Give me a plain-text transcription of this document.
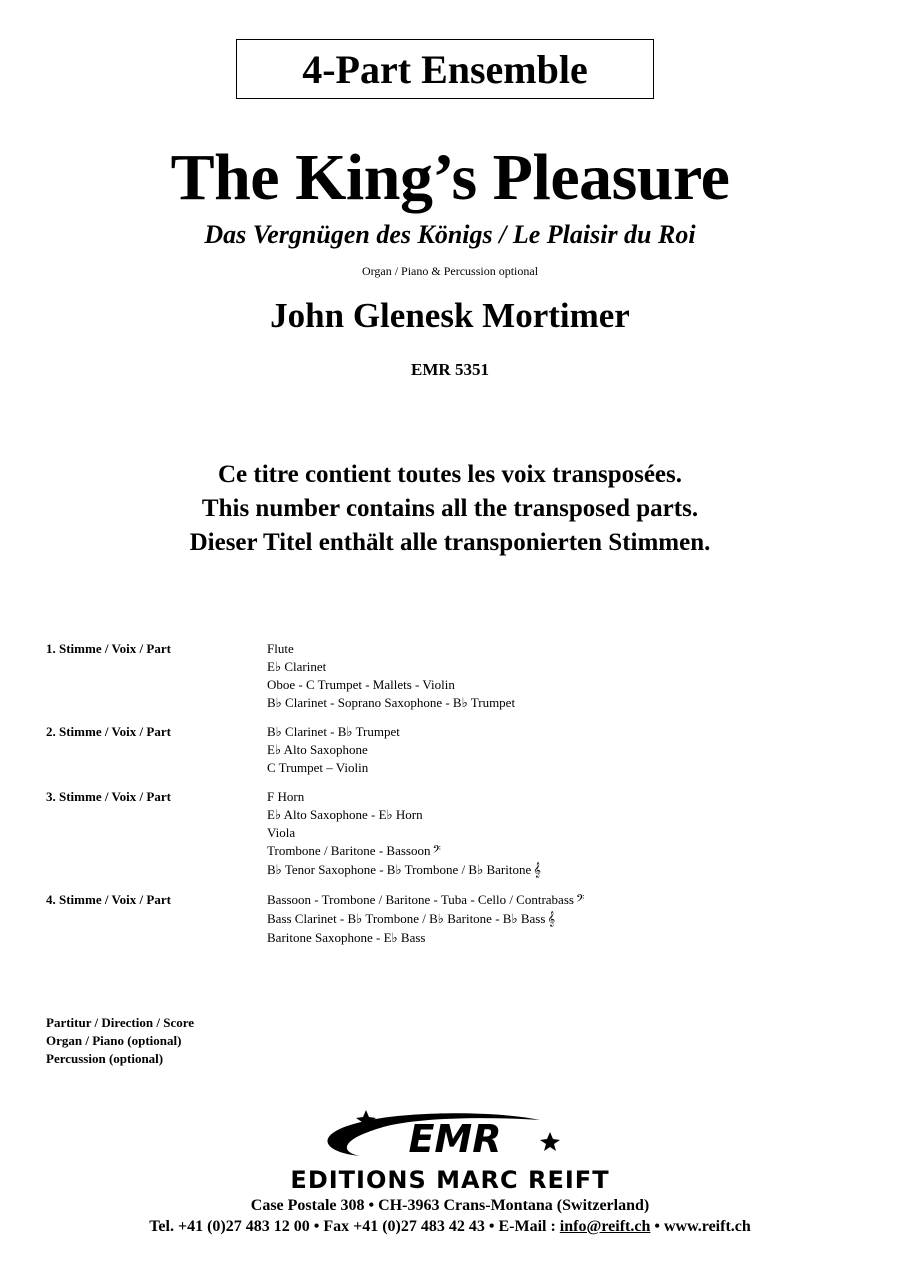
4-Part Ensemble
The King’s Pleasure
Das Vergnügen des Königs / Le Plaisir du Roi
Organ / Piano & Percussion optional
John Glenesk Mortimer
EMR 5351
Ce titre contient toutes les voix transposées.
This number contains all the transposed parts.
Dieser Titel enthält alle transponierten Stimmen.
1. Stimme / Voix / Part	Flute
E♭ Clarinet
Oboe - C Trumpet - Mallets - Violin
B♭ Clarinet - Soprano Saxophone - B♭ Trumpet
2. Stimme / Voix / Part	B♭ Clarinet - B♭ Trumpet
E♭ Alto Saxophone
C Trumpet – Violin
3. Stimme / Voix / Part	F Horn
E♭ Alto Saxophone - E♭ Horn
Viola
Trombone / Baritone - Bassoon 𝄢
B♭ Tenor Saxophone - B♭ Trombone / B♭ Baritone 𝄞
4. Stimme / Voix / Part	Bassoon - Trombone / Baritone - Tuba - Cello / Contrabass 𝄢
Bass Clarinet - B♭ Trombone / B♭ Baritone - B♭ Bass 𝄞
Baritone Saxophone - E♭ Bass
Partitur / Direction / Score
Organ / Piano (optional)
Percussion (optional)
EMR
EDITIONS MARC REIFT
Case Postale 308 • CH-3963 Crans-Montana (Switzerland)
Tel. +41 (0)27 483 12 00 • Fax +41 (0)27 483 42 43 • E-Mail : info@reift.ch • www.reift.ch
